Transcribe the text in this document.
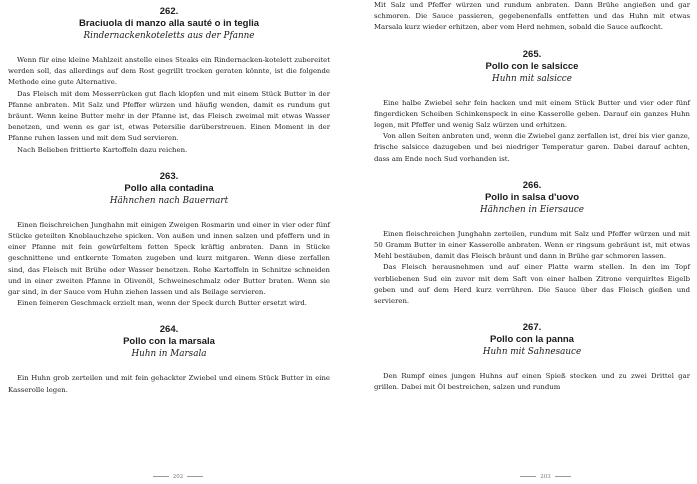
262.
Braciuola di manzo alla sauté o in teglia
Rindernackenkoteletts aus der Pfanne

Wenn für eine kleine Mahlzeit anstelle eines Steaks ein Rindernacken-kotelett zubereitet werden soll, das allerdings auf dem Rost gegrillt trocken geraten könnte, ist die folgende Methode eine gute Alternative.

Das Fleisch mit dem Messerrücken gut flach klopfen und mit einem Stück Butter in der Pfanne anbraten. Mit Salz und Pfeffer würzen und häufig wenden, damit es rundum gut bräunt. Wenn keine Butter mehr in der Pfanne ist, das Fleisch zweimal mit etwas Wasser benetzen, und wenn es gar ist, etwas Petersilie darüberstreuen. Einen Moment in der Pfanne ruhen lassen und mit dem Sud servieren.

Nach Belieben frittierte Kartoffeln dazu reichen.

263.
Pollo alla contadina
Hähnchen nach Bauernart

Einen fleischreichen Junghahn mit einigen Zweigen Rosmarin und einer in vier oder fünf Stücke geteilten Knoblauchzehe spicken. Von außen und innen salzen und pfeffern und in einer Pfanne mit fein gewürfeltem fetten Speck kräftig anbraten. Dann in Stücke geschnittene und entkernte Tomaten zugeben und kurz mitgaren. Wenn diese zerfallen sind, das Fleisch mit Brühe oder Wasser benetzen. Rohe Kartoffeln in Schnitze schneiden und in einer zweiten Pfanne in Olivenöl, Schweineschmalz oder Butter braten. Wenn sie gar sind, in der Sauce vom Huhn ziehen lassen und als Beilage servieren.

Einen feineren Geschmack erzielt man, wenn der Speck durch Butter ersetzt wird.

264.
Pollo con la marsala
Huhn in Marsala

Ein Huhn grob zerteilen und mit fein gehackter Zwiebel und einem Stück Butter in eine Kasserolle legen.

202

Mit Salz und Pfeffer würzen und rundum anbraten. Dann Brühe angießen und gar schmoren. Die Sauce passieren, gegebenenfalls entfetten und das Huhn mit etwas Marsala kurz wieder erhitzen, aber vom Herd nehmen, sobald die Sauce aufkocht.

265.
Pollo con le salsicce
Huhn mit salsicce

Eine halbe Zwiebel sehr fein hacken und mit einem Stück Butter und vier oder fünf fingerdicken Scheiben Schinkenspeck in eine Kasserolle geben. Darauf ein ganzes Huhn legen, mit Pfeffer und wenig Salz würzen und erhitzen.

Von allen Seiten anbraten und, wenn die Zwiebel ganz zerfallen ist, drei bis vier ganze, frische salsicce dazugeben und bei niedriger Temperatur garen. Dabei darauf achten, dass am Ende noch Sud vorhanden ist.

266.
Pollo in salsa d'uovo
Hähnchen in Eiersauce

Einen fleischreichen Junghahn zerteilen, rundum mit Salz und Pfeffer würzen und mit 50 Gramm Butter in einer Kasserolle anbraten. Wenn er ringsum gebräunt ist, mit etwas Mehl bestäuben, damit das Fleisch bräunt und dann in Brühe gar schmoren lassen.

Das Fleisch herausnehmen und auf einer Platte warm stellen. In den im Topf verbliebenen Sud ein zuvor mit dem Saft von einer halben Zitrone verquirltes Eigelb geben und auf dem Herd kurz verrühren. Die Sauce über das Fleisch gießen und servieren.

267.
Pollo con la panna
Huhn mit Sahnesauce

Den Rumpf eines jungen Huhns auf einen Spieß stecken und zu zwei Drittel gar grillen. Dabei mit Öl bestreichen, salzen und rundum

203
